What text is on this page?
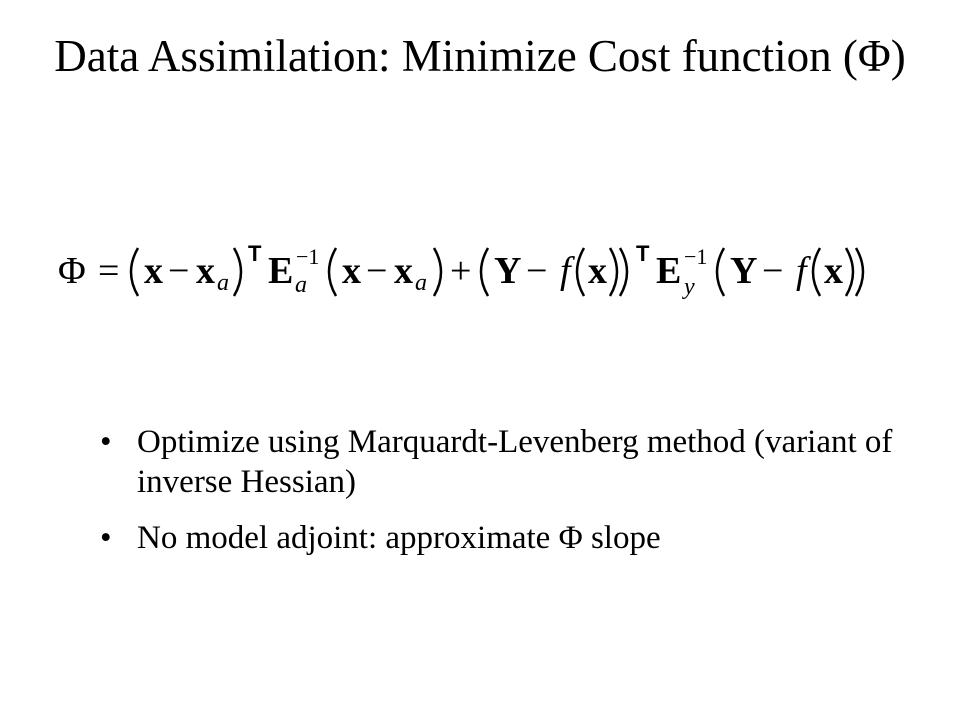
Data Assimilation: Minimize Cost function (Φ)
Φ = x − x a
T E −1
a x − x a + Y − f x T E −1
y Y − f x
• Optimize using Marquardt-Levenberg method (variant of inverse Hessian)
• No model adjoint: approximate Φ slope
